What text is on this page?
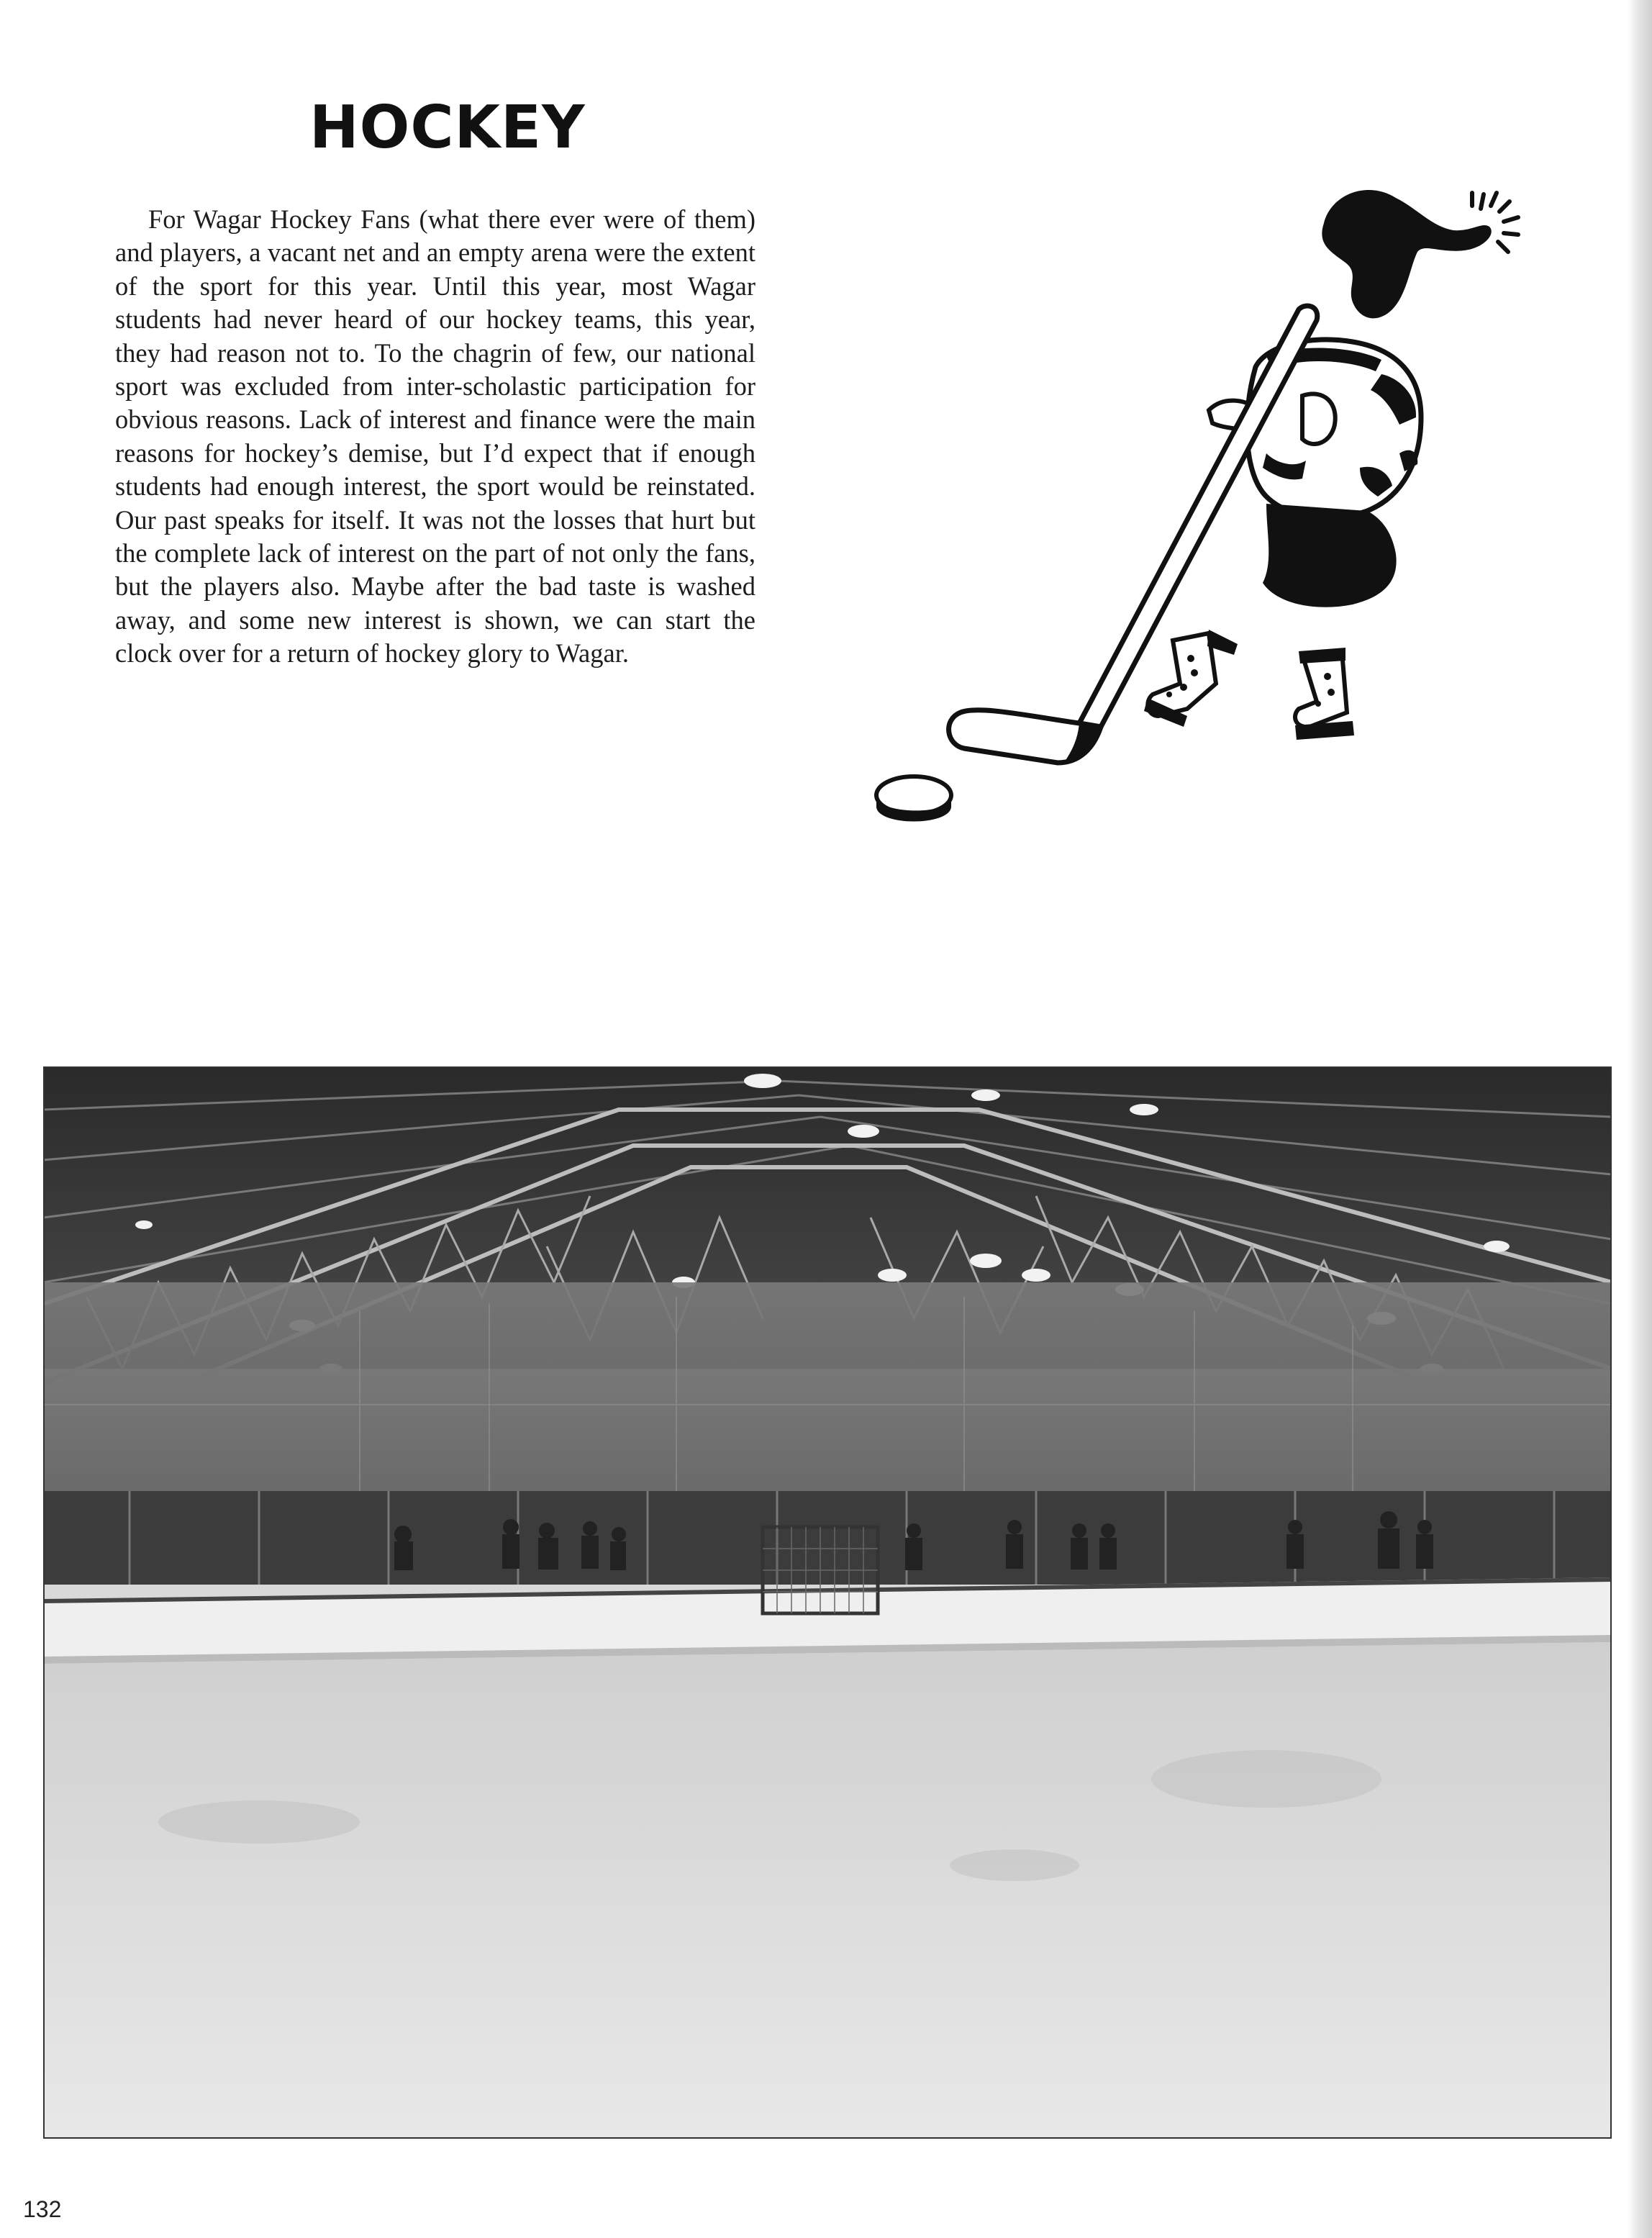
HOCKEY

For Wagar Hockey Fans (what there ever were of them) and players, a vacant net and an empty arena were the extent of the sport for this year. Until this year, most Wagar students had never heard of our hockey teams, this year, they had reason not to. To the chagrin of few, our national sport was excluded from inter-scholastic participation for obvious reasons. Lack of interest and finance were the main reasons for hockey’s demise, but I’d expect that if enough students had enough interest, the sport would be reinstated. Our past speaks for itself. It was not the losses that hurt but the complete lack of interest on the part of not only the fans, but the players also. Maybe after the bad taste is washed away, and some new interest is shown, we can start the clock over for a return of hockey glory to Wagar.

132
